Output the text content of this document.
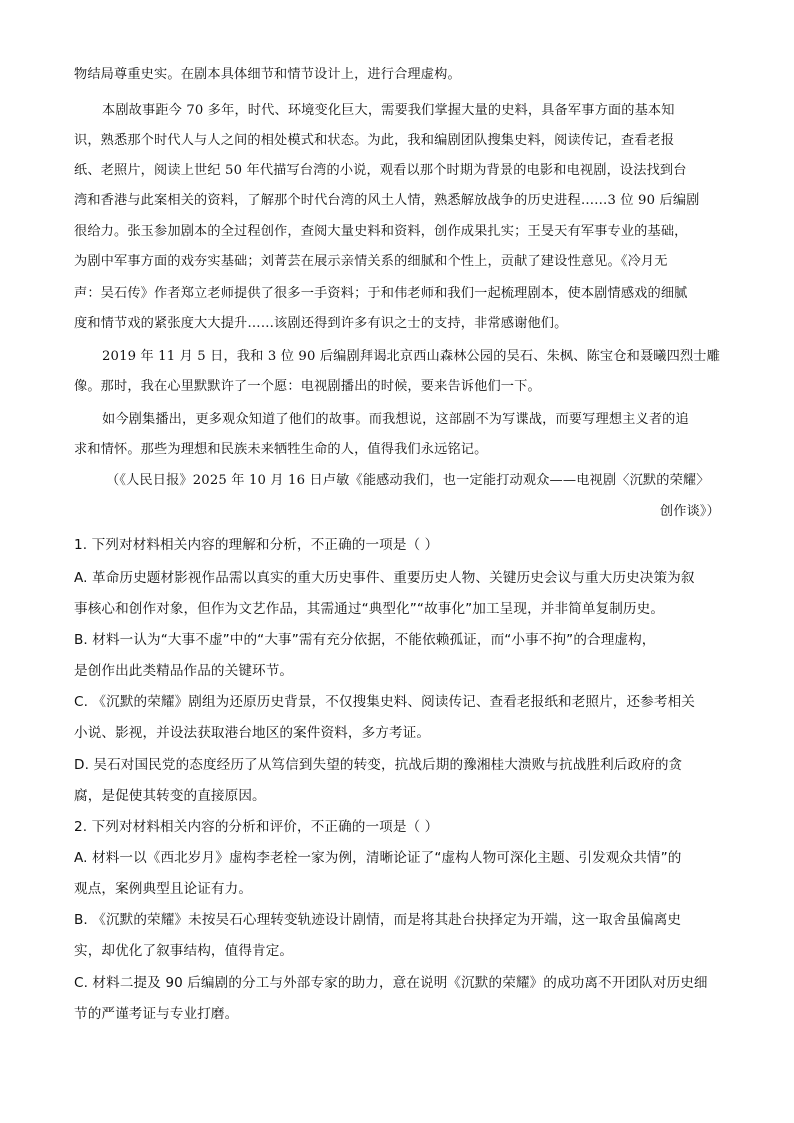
物结局尊重史实。在剧本具体细节和情节设计上，进行合理虚构。
本剧故事距今 70 多年，时代、环境变化巨大，需要我们掌握大量的史料，具备军事方面的基本知
识，熟悉那个时代人与人之间的相处模式和状态。为此，我和编剧团队搜集史料，阅读传记，查看老报
纸、老照片，阅读上世纪 50 年代描写台湾的小说，观看以那个时期为背景的电影和电视剧，设法找到台
湾和香港与此案相关的资料，了解那个时代台湾的风土人情，熟悉解放战争的历史进程……3 位 90 后编剧
很给力。张玉参加剧本的全过程创作，查阅大量史料和资料，创作成果扎实；王旻天有军事专业的基础，
为剧中军事方面的戏夯实基础；刘菁芸在展示亲情关系的细腻和个性上，贡献了建设性意见。《冷月无
声：吴石传》作者郑立老师提供了很多一手资料；于和伟老师和我们一起梳理剧本，使本剧情感戏的细腻
度和情节戏的紧张度大大提升……该剧还得到许多有识之士的支持，非常感谢他们。
2019 年 11 月 5 日，我和 3 位 90 后编剧拜谒北京西山森林公园的吴石、朱枫、陈宝仓和聂曦四烈士雕
像。那时，我在心里默默许了一个愿：电视剧播出的时候，要来告诉他们一下。
如今剧集播出，更多观众知道了他们的故事。而我想说，这部剧不为写谍战，而要写理想主义者的追
求和情怀。那些为理想和民族未来牺牲生命的人，值得我们永远铭记。
（《人民日报》2025 年 10 月 16 日卢敏《能感动我们，也一定能打动观众——电视剧〈沉默的荣耀〉
创作谈》）
1. 下列对材料相关内容的理解和分析，不正确的一项是（ ）
A. 革命历史题材影视作品需以真实的重大历史事件、重要历史人物、关键历史会议与重大历史决策为叙
事核心和创作对象，但作为文艺作品，其需通过“典型化”“故事化”加工呈现，并非简单复制历史。
B. 材料一认为“大事不虚”中的“大事”需有充分依据，不能依赖孤证，而“小事不拘”的合理虚构，
是创作出此类精品作品的关键环节。
C. 《沉默的荣耀》剧组为还原历史背景，不仅搜集史料、阅读传记、查看老报纸和老照片，还参考相关
小说、影视，并设法获取港台地区的案件资料，多方考证。
D. 吴石对国民党的态度经历了从笃信到失望的转变，抗战后期的豫湘桂大溃败与抗战胜利后政府的贪
腐，是促使其转变的直接原因。
2. 下列对材料相关内容的分析和评价，不正确的一项是（ ）
A. 材料一以《西北岁月》虚构李老栓一家为例，清晰论证了“虚构人物可深化主题、引发观众共情”的
观点，案例典型且论证有力。
B. 《沉默的荣耀》未按吴石心理转变轨迹设计剧情，而是将其赴台抉择定为开端，这一取舍虽偏离史
实，却优化了叙事结构，值得肯定。
C. 材料二提及 90 后编剧的分工与外部专家的助力，意在说明《沉默的荣耀》的成功离不开团队对历史细
节的严谨考证与专业打磨。
